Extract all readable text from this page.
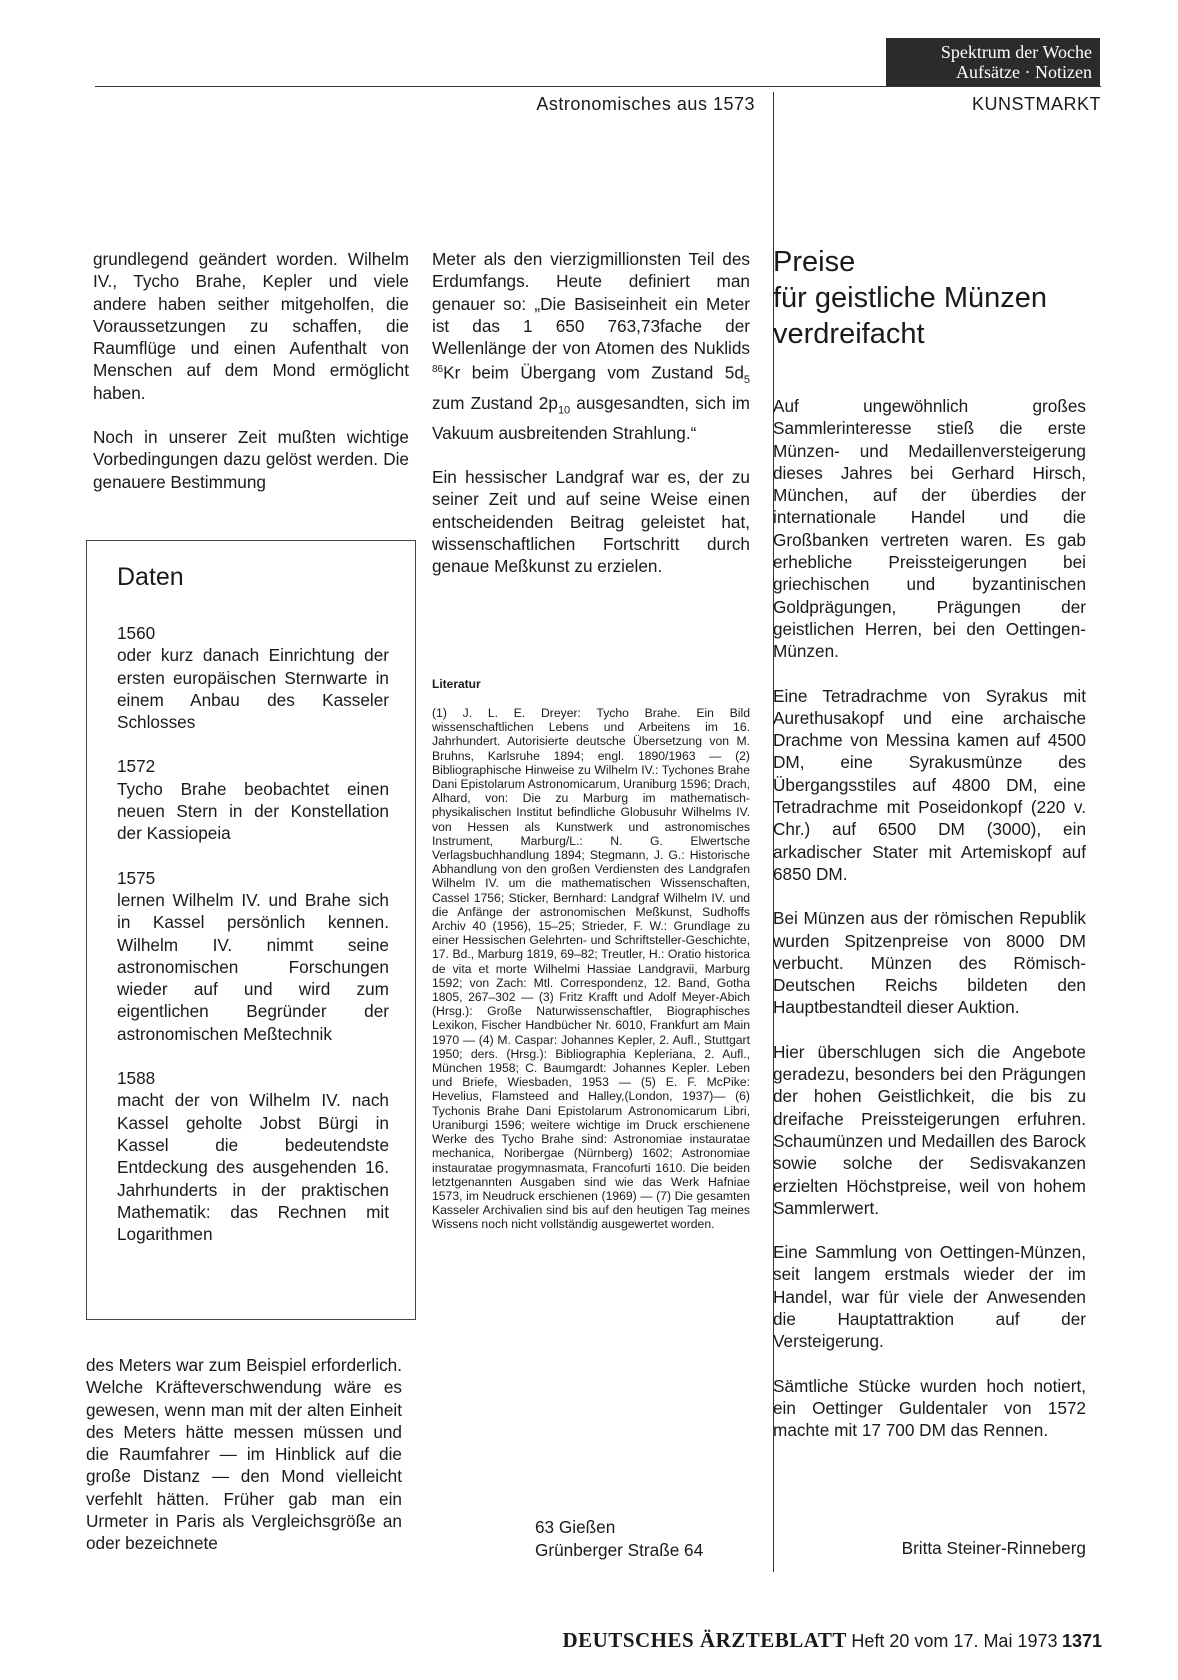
Spektrum der Woche
Aufsätze · Notizen
Astronomisches aus 1573	KUNSTMARKT

grundlegend geändert worden. Wilhelm IV., Tycho Brahe, Kepler und viele andere haben seither mitgeholfen, die Voraussetzungen zu schaffen, die Raumflüge und einen Aufenthalt von Menschen auf dem Mond ermöglicht haben.

Noch in unserer Zeit mußten wichtige Vorbedingungen dazu gelöst werden. Die genauere Bestimmung

Daten
1560
oder kurz danach Einrichtung der ersten europäischen Sternwarte in einem Anbau des Kasseler Schlosses
1572
Tycho Brahe beobachtet einen neuen Stern in der Konstellation der Kassiopeia
1575
lernen Wilhelm IV. und Brahe sich in Kassel persönlich kennen. Wilhelm IV. nimmt seine astronomischen Forschungen wieder auf und wird zum eigentlichen Begründer der astronomischen Meßtechnik
1588
macht der von Wilhelm IV. nach Kassel geholte Jobst Bürgi in Kassel die bedeutendste Entdeckung des ausgehenden 16. Jahrhunderts in der praktischen Mathematik: das Rechnen mit Logarithmen

des Meters war zum Beispiel erforderlich. Welche Kräfteverschwendung wäre es gewesen, wenn man mit der alten Einheit des Meters hätte messen müssen und die Raumfahrer — im Hinblick auf die große Distanz — den Mond vielleicht verfehlt hätten. Früher gab man ein Urmeter in Paris als Vergleichsgröße an oder bezeichnete

Meter als den vierzigmillionsten Teil des Erdumfangs. Heute definiert man genauer so: „Die Basiseinheit ein Meter ist das 1 650 763,73fache der Wellenlänge der von Atomen des Nuklids $^{86}$Kr beim Übergang vom Zustand $5d_5$ zum Zustand $2p_{10}$ ausgesandten, sich im Vakuum ausbreitenden Strahlung.“

Ein hessischer Landgraf war es, der zu seiner Zeit und auf seine Weise einen entscheidenden Beitrag geleistet hat, wissenschaftlichen Fortschritt durch genaue Meßkunst zu erzielen.

Literatur
(1) J. L. E. Dreyer: Tycho Brahe. Ein Bild wissenschaftlichen Lebens und Arbeitens im 16. Jahrhundert. Autorisierte deutsche Übersetzung von M. Bruhns, Karlsruhe 1894; engl. 1890/1963 — (2) Bibliographische Hinweise zu Wilhelm IV.: Tychones Brahe Dani Epistolarum Astronomicarum, Uraniburg 1596; Drach, Alhard, von: Die zu Marburg im mathematisch-physikalischen Institut befindliche Globusuhr Wilhelms IV. von Hessen als Kunstwerk und astronomisches Instrument, Marburg/L.: N. G. Elwertsche Verlagsbuchhandlung 1894; Stegmann, J. G.: Historische Abhandlung von den großen Verdiensten des Landgrafen Wilhelm IV. um die mathematischen Wissenschaften, Cassel 1756; Sticker, Bernhard: Landgraf Wilhelm IV. und die Anfänge der astronomischen Meßkunst, Sudhoffs Archiv 40 (1956), 15–25; Strieder, F. W.: Grundlage zu einer Hessischen Gelehrten- und Schriftsteller-Geschichte, 17. Bd., Marburg 1819, 69–82; Treutler, H.: Oratio historica de vita et morte Wilhelmi Hassiae Landgravii, Marburg 1592; von Zach: Mtl. Correspondenz, 12. Band, Gotha 1805, 267–302 — (3) Fritz Krafft und Adolf Meyer-Abich (Hrsg.): Große Naturwissenschaftler, Biographisches Lexikon, Fischer Handbücher Nr. 6010, Frankfurt am Main 1970 — (4) M. Caspar: Johannes Kepler, 2. Aufl., Stuttgart 1950; ders. (Hrsg.): Bibliographia Kepleriana, 2. Aufl., München 1958; C. Baumgardt: Johannes Kepler. Leben und Briefe, Wiesbaden, 1953 — (5) E. F. McPike: Hevelius, Flamsteed and Halley,(London, 1937)— (6) Tychonis Brahe Dani Epistolarum Astronomicarum Libri, Uraniburgi 1596; weitere wichtige im Druck erschienene Werke des Tycho Brahe sind: Astronomiae instauratae mechanica, Noribergae (Nürnberg) 1602; Astronomiae instauratae progymnasmata, Francofurti 1610. Die beiden letztgenannten Ausgaben sind wie das Werk Hafniae 1573, im Neudruck erschienen (1969) — (7) Die gesamten Kasseler Archivalien sind bis auf den heutigen Tag meines Wissens noch nicht vollständig ausgewertet worden.
63 Gießen
Grünberger Straße 64
Preise
für geistliche Münzen
verdreifacht

Auf ungewöhnlich großes Sammlerinteresse stieß die erste Münzen- und Medaillenversteigerung dieses Jahres bei Gerhard Hirsch, München, auf der überdies der internationale Handel und die Großbanken vertreten waren. Es gab erhebliche Preissteigerungen bei griechischen und byzantinischen Goldprägungen, Prägungen der geistlichen Herren, bei den Oettingen-Münzen.

Eine Tetradrachme von Syrakus mit Aurethusakopf und eine archaische Drachme von Messina kamen auf 4500 DM, eine Syrakusmünze des Übergangsstiles auf 4800 DM, eine Tetradrachme mit Poseidonkopf (220 v. Chr.) auf 6500 DM (3000), ein arkadischer Stater mit Artemiskopf auf 6850 DM.

Bei Münzen aus der römischen Republik wurden Spitzenpreise von 8000 DM verbucht. Münzen des Römisch-Deutschen Reichs bildeten den Hauptbestandteil dieser Auktion.

Hier überschlugen sich die Angebote geradezu, besonders bei den Prägungen der hohen Geistlichkeit, die bis zu dreifache Preissteigerungen erfuhren. Schaumünzen und Medaillen des Barock sowie solche der Sedisvakanzen erzielten Höchstpreise, weil von hohem Sammlerwert.

Eine Sammlung von Oettingen-Münzen, seit langem erstmals wieder der im Handel, war für viele der Anwesenden die Hauptattraktion auf der Versteigerung.

Sämtliche Stücke wurden hoch notiert, ein Oettinger Guldentaler von 1572 machte mit 17 700 DM das Rennen.

Britta Steiner-Rinneberg
DEUTSCHES ÄRZTEBLATT Heft 20 vom 17. Mai 1973 1371
